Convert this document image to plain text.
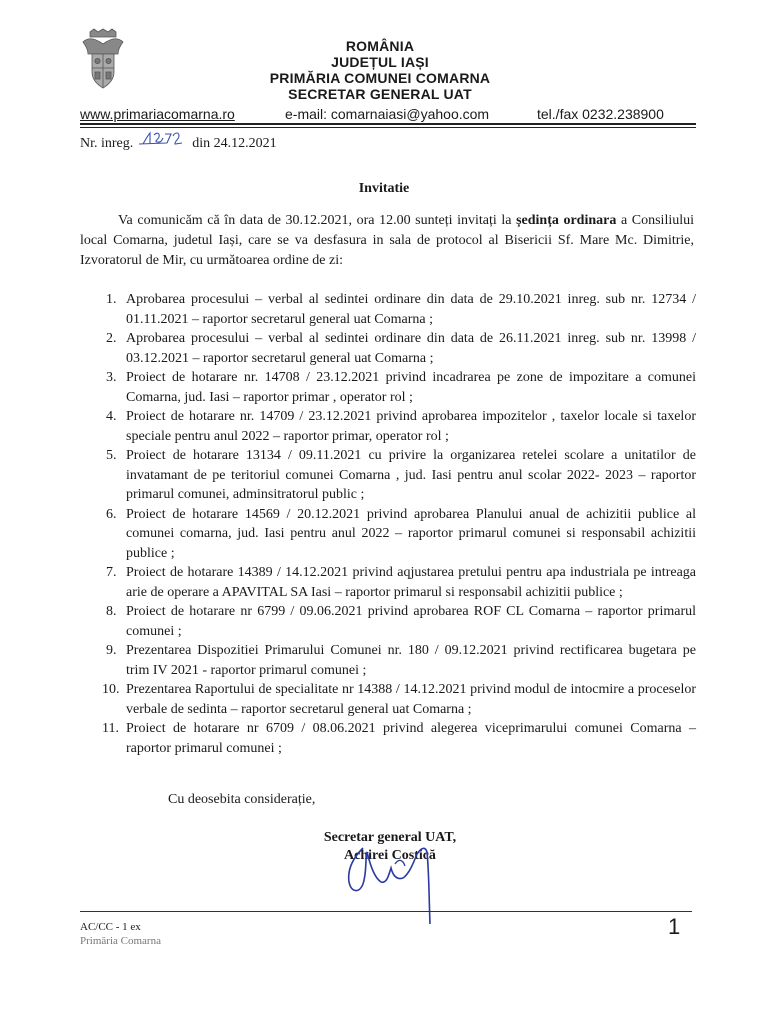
ROMÂNIA
JUDEȚUL IAȘI
PRIMĂRIA COMUNEI COMARNA
SECRETAR GENERAL UAT
www.primariacomarna.ro	e-mail: comarnaiasi@yahoo.com	tel./fax 0232.238900
Nr. inreg.	din 24.12.2021
Invitatie
Va comunicăm că în data de 30.12.2021, ora 12.00 sunteți invitați la ședința ordinara a Consiliului local Comarna, judetul Iași, care se va desfasura in sala de protocol al Bisericii Sf. Mare Mc. Dimitrie, Izvoratorul de Mir, cu următoarea ordine de zi:
1. Aprobarea procesului – verbal al sedintei ordinare din data de 29.10.2021 inreg. sub nr. 12734 / 01.11.2021 – raportor secretarul general uat Comarna ;
2. Aprobarea procesului – verbal al sedintei ordinare din data de 26.11.2021 inreg. sub nr. 13998 / 03.12.2021 – raportor secretarul general uat Comarna ;
3. Proiect de hotarare nr. 14708 / 23.12.2021 privind incadrarea pe zone de impozitare a comunei Comarna, jud. Iasi – raportor primar , operator rol ;
4. Proiect de hotarare nr. 14709 / 23.12.2021 privind aprobarea impozitelor , taxelor locale si taxelor speciale pentru anul 2022 – raportor primar, operator rol ;
5. Proiect de hotarare 13134 / 09.11.2021 cu privire la organizarea retelei scolare a unitatilor de invatamant de pe teritoriul comunei Comarna , jud. Iasi pentru anul scolar 2022- 2023 – raportor primarul comunei, adminsitratorul public ;
6. Proiect de hotarare 14569 / 20.12.2021 privind aprobarea Planului anual de achizitii publice al comunei comarna, jud. Iasi pentru anul 2022 – raportor primarul comunei si responsabil achizitii publice ;
7. Proiect de hotarare 14389 / 14.12.2021 privind aqjustarea pretului pentru apa industriala pe intreaga arie de operare a APAVITAL SA Iasi – raportor primarul si responsabil achizitii publice ;
8. Proiect de hotarare nr 6799 / 09.06.2021 privind aprobarea ROF CL Comarna – raportor primarul comunei ;
9. Prezentarea Dispozitiei Primarului Comunei nr. 180 / 09.12.2021 privind rectificarea bugetara pe trim IV 2021 - raportor primarul comunei ;
10. Prezentarea Raportului de specialitate nr 14388 / 14.12.2021 privind modul de intocmire a proceselor verbale de sedinta – raportor secretarul general uat Comarna ;
11. Proiect de hotarare nr 6709 / 08.06.2021 privind alegerea viceprimarului comunei Comarna – raportor primarul comunei ;
Cu deosebita considerație,
Secretar general UAT,
Achirei Costică
AC/CC - 1 ex
Primăria Comarna
1
